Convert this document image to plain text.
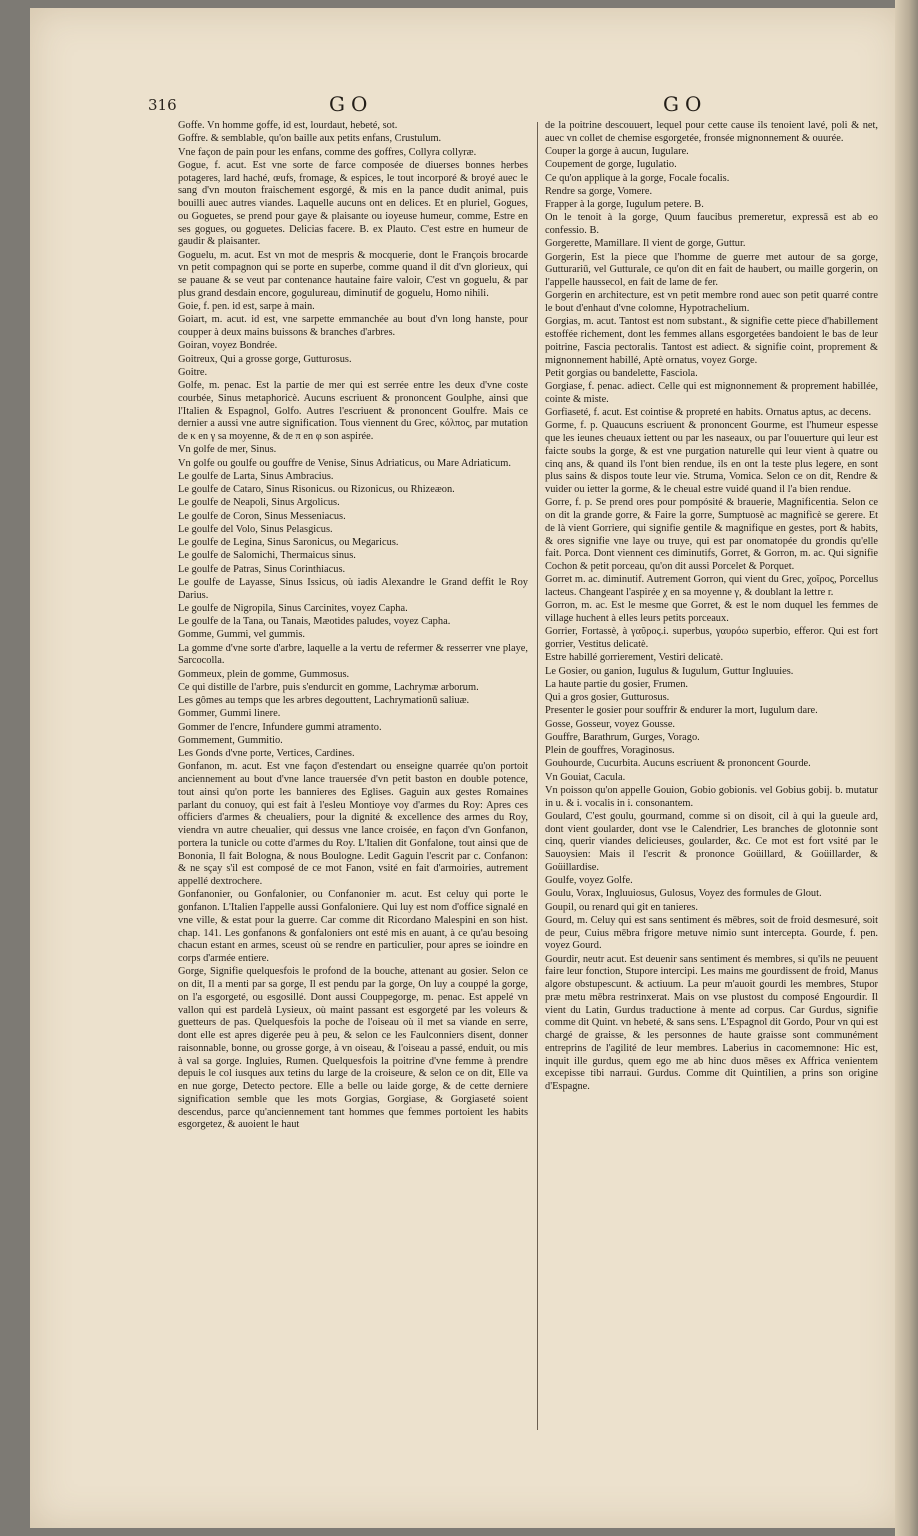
316	GO	GO

Goffe. Vn homme goffe, id est, lourdaut, hebeté, sot.

Goffre. & semblable, qu'on baille aux petits enfans, Crustulum.

Vne façon de pain pour les enfans, comme des goffres, Collyra collyræ.

Gogue, f. acut. Est vne sorte de farce composée de diuerses bonnes herbes potageres, lard haché, œufs, fromage, & espices, le tout incorporé & broyé auec le sang d'vn mouton fraischement esgorgé, & mis en la pance dudit animal, puis bouilli auec autres viandes. Laquelle aucuns ont en delices. Et en pluriel, Gogues, ou Goguetes, se prend pour gaye & plaisante ou ioyeuse humeur, comme, Estre en ses gogues, ou goguetes. Delicias facere. B. ex Plauto. C'est estre en humeur de gaudir & plaisanter.

Goguelu, m. acut. Est vn mot de mespris & mocquerie, dont le François brocarde vn petit compagnon qui se porte en superbe, comme quand il dit d'vn glorieux, qui se pauane & se veut par contenance hautaine faire valoir, C'est vn goguelu, & par plus grand desdain encore, gogulureau, diminutif de goguelu, Homo nihili.

Goie, f. pen. id est, sarpe à main.

Goiart, m. acut. id est, vne sarpette emmanchée au bout d'vn long hanste, pour coupper à deux mains buissons & branches d'arbres.

Goiran, voyez Bondrée.

Goitreux, Qui a grosse gorge, Gutturosus.

Goitre.

Golfe, m. penac. Est la partie de mer qui est serrée entre les deux d'vne coste courbée, Sinus metaphoricè. Aucuns escriuent & prononcent Goulphe, ainsi que l'Italien & Espagnol, Golfo. Autres l'escriuent & prononcent Goulfre. Mais ce dernier a aussi vne autre signification. Tous viennent du Grec, κόλπος, par mutation de κ en γ sa moyenne, & de π en φ son aspirée.

Vn golfe de mer, Sinus.

Vn golfe ou goulfe ou gouffre de Venise, Sinus Adriaticus, ou Mare Adriaticum.

Le goulfe de Larta, Sinus Ambracius.

Le goulfe de Cataro, Sinus Risonicus. ou Rizonicus, ou Rhizeæon.

Le goulfe de Neapoli, Sinus Argolicus.

Le goulfe de Coron, Sinus Messeniacus.

Le goulfe del Volo, Sinus Pelasgicus.

Le goulfe de Legina, Sinus Saronicus, ou Megaricus.

Le goulfe de Salomichi, Thermaicus sinus.

Le goulfe de Patras, Sinus Corinthiacus.

Le goulfe de Layasse, Sinus Issicus, où iadis Alexandre le Grand deffit le Roy Darius.

Le goulfe de Nigropila, Sinus Carcinites, voyez Capha.

Le goulfe de la Tana, ou Tanais, Mæotides paludes, voyez Capha.

Gomme, Gummi, vel gummis.

La gomme d'vne sorte d'arbre, laquelle a la vertu de refermer & resserrer vne playe, Sarcocolla.

Gommeux, plein de gomme, Gummosus.

Ce qui distille de l'arbre, puis s'endurcit en gomme, Lachrymæ arborum.

Les gômes au temps que les arbres degouttent, Lachrymationū saliuæ.

Gommer, Gummi linere.

Gommer de l'encre, Infundere gummi atramento.

Gommement, Gummitio.

Les Gonds d'vne porte, Vertices, Cardines.

Gonfanon, m. acut. Est vne façon d'estendart ou enseigne quarrée qu'on portoit anciennement au bout d'vne lance trauersée d'vn petit baston en double potence, tout ainsi qu'on porte les bannieres des Eglises. Gaguin aux gestes Romaines parlant du conuoy, qui est fait à l'esleu Montioye voy d'armes du Roy: Apres ces officiers d'armes & cheualiers, pour la dignité & excellence des armes du Roy, viendra vn autre cheualier, qui dessus vne lance croisée, en façon d'vn Gonfanon, portera la tunicle ou cotte d'armes du Roy. L'Italien dit Gonfalone, tout ainsi que de Bononia, Il fait Bologna, & nous Boulogne. Ledit Gaguin l'escrit par c. Confanon: & ne sçay s'il est composé de ce mot Fanon, vsité en fait d'armoiries, autrement appellé dextrochere.

Gonfanonier, ou Gonfalonier, ou Confanonier m. acut. Est celuy qui porte le gonfanon. L'Italien l'appelle aussi Gonfaloniere. Qui luy est nom d'office signalé en vne ville, & estat pour la guerre. Car comme dit Ricordano Malespini en son hist. chap. 141. Les gonfanons & gonfaloniers ont esté mis en auant, à ce qu'au besoing chacun estant en armes, sceust où se rendre en particulier, pour apres se ioindre en corps d'armée entiere.

Gorge, Signifie quelquesfois le profond de la bouche, attenant au gosier. Selon ce on dit, Il a menti par sa gorge, Il est pendu par la gorge, On luy a couppé la gorge, on l'a esgorgeté, ou esgosillé. Dont aussi Couppegorge, m. penac. Est appelé vn vallon qui est pardelà Lysieux, où maint passant est esgorgeté par les voleurs & guetteurs de pas. Quelquesfois la poche de l'oiseau où il met sa viande en serre, dont elle est apres digerée peu à peu, & selon ce les Faulconniers disent, donner raisonnable, bonne, ou grosse gorge, à vn oiseau, & l'oiseau a passé, enduit, ou mis à val sa gorge. Ingluies, Rumen. Quelquesfois la poitrine d'vne femme à prendre depuis le col iusques aux tetins du large de la croiseure, & selon ce on dit, Elle va en nue gorge, Detecto pectore. Elle a belle ou laide gorge, & de cette derniere signification semble que les mots Gorgias, Gorgiase, & Gorgiaseté soient descendus, parce qu'anciennement tant hommes que femmes portoient les habits esgorgetez, & auoient le haut

de la poitrine descouuert, lequel pour cette cause ils tenoient lavé, poli & net, auec vn collet de chemise esgorgetée, fronsée mignonnement & ouurée.

Couper la gorge à aucun, Iugulare.

Coupement de gorge, Iugulatio.

Ce qu'on applique à la gorge, Focale focalis.

Rendre sa gorge, Vomere.

Frapper à la gorge, Iugulum petere. B.

On le tenoit à la gorge, Quum faucibus premeretur, expressā est ab eo confessio. B.

Gorgerette, Mamillare. Il vient de gorge, Guttur.

Gorgerin, Est la piece que l'homme de guerre met autour de sa gorge, Gutturariū, vel Gutturale, ce qu'on dit en fait de haubert, ou maille gorgerin, on l'appelle haussecol, en fait de lame de fer.

Gorgerin en architecture, est vn petit membre rond auec son petit quarré contre le bout d'enhaut d'vne colomne, Hypotrachelium.

Gorgias, m. acut. Tantost est nom substant., & signifie cette piece d'habillement estoffée richement, dont les femmes allans esgorgetées bandoient le bas de leur poitrine, Fascia pectoralis. Tantost est adiect. & signifie coint, proprement & mignonnement habillé, Aptè ornatus, voyez Gorge.

Petit gorgias ou bandelette, Fasciola.

Gorgiase, f. penac. adiect. Celle qui est mignonnement & proprement habillée, cointe & miste.

Gorfiaseté, f. acut. Est cointise & propreté en habits. Ornatus aptus, ac decens.

Gorme, f. p. Quaucuns escriuent & prononcent Gourme, est l'humeur espesse que les ieunes cheuaux iettent ou par les naseaux, ou par l'ouuerture qui leur est faicte soubs la gorge, & est vne purgation naturelle qui leur vient à quatre ou cinq ans, & quand ils l'ont bien rendue, ils en ont la teste plus legere, en sont plus sains & dispos toute leur vie. Struma, Vomica. Selon ce on dit, Rendre & vuider ou ietter la gorme, & le cheual estre vuidé quand il l'a bien rendue.

Gorre, f. p. Se prend ores pour pompósité & brauerie, Magnificentia. Selon ce on dit la grande gorre, & Faire la gorre, Sumptuosè ac magnificè se gerere. Et de là vient Gorriere, qui signifie gentile & magnifique en gestes, port & habits, & ores signifie vne laye ou truye, qui est par onomatopée du grondis qu'elle fait. Porca. Dont viennent ces diminutifs, Gorret, & Gorron, m. ac. Qui signifie Cochon & petit porceau, qu'on dit aussi Porcelet & Porquet.

Gorret m. ac. diminutif. Autrement Gorron, qui vient du Grec, χοῖρος, Porcellus lacteus. Changeant l'aspirée χ en sa moyenne γ, & doublant la lettre r.

Gorron, m. ac. Est le mesme que Gorret, & est le nom duquel les femmes de village huchent à elles leurs petits porceaux.

Gorrier, Fortassè, à γαῦρος.i. superbus, γαυρόω superbio, efferor. Qui est fort gorrier, Vestitus delicatè.

Estre habillé gorrierement, Vestiri delicatè.

Le Gosier, ou ganion, Iugulus & Iugulum, Guttur Ingluuies.

La haute partie du gosier, Frumen.

Qui a gros gosier, Gutturosus.

Presenter le gosier pour souffrir & endurer la mort, Iugulum dare.

Gosse, Gosseur, voyez Gousse.

Gouffre, Barathrum, Gurges, Vorago.

Plein de gouffres, Voraginosus.

Gouhourde, Cucurbita. Aucuns escriuent & prononcent Gourde.

Vn Gouiat, Cacula.

Vn poisson qu'on appelle Gouion, Gobio gobionis. vel Gobius gobij. b. mutatur in u. & i. vocalis in i. consonantem.

Goulard, C'est goulu, gourmand, comme si on disoit, cil à qui la gueule ard, dont vient goularder, dont vse le Calendrier, Les branches de glotonnie sont cinq, querir viandes delicieuses, goularder, &c. Ce mot est fort vsité par le Sauoysien: Mais il l'escrit & prononce Goüillard, & Goüillarder, & Goüillardise.

Goulfe, voyez Golfe.

Goulu, Vorax, Ingluuiosus, Gulosus, Voyez des formules de Glout.

Goupil, ou renard qui git en tanieres.

Gourd, m. Celuy qui est sans sentiment és mēbres, soit de froid desmesuré, soit de peur, Cuius mēbra frigore metuve nimio sunt intercepta. Gourde, f. pen. voyez Gourd.

Gourdir, neutr acut. Est deuenir sans sentiment és membres, si qu'ils ne peuuent faire leur fonction, Stupore intercipi. Les mains me gourdissent de froid, Manus algore obstupescunt. & actiuum. La peur m'auoit gourdi les membres, Stupor præ metu mēbra restrinxerat. Mais on vse plustost du composé Engourdir. Il vient du Latin, Gurdus traductione à mente ad corpus. Car Gurdus, signifie comme dit Quint. vn hebeté, & sans sens. L'Espagnol dit Gordo, Pour vn qui est chargé de graisse, & les personnes de haute graisse sont communément entreprins de l'agilité de leur membres. Laberius in cacomemnone: Hic est, inquit ille gurdus, quem ego me ab hinc duos mēses ex Affrica venientem excepisse tibi narraui. Gurdus. Comme dit Quintilien, a prins son origine d'Espagne.
